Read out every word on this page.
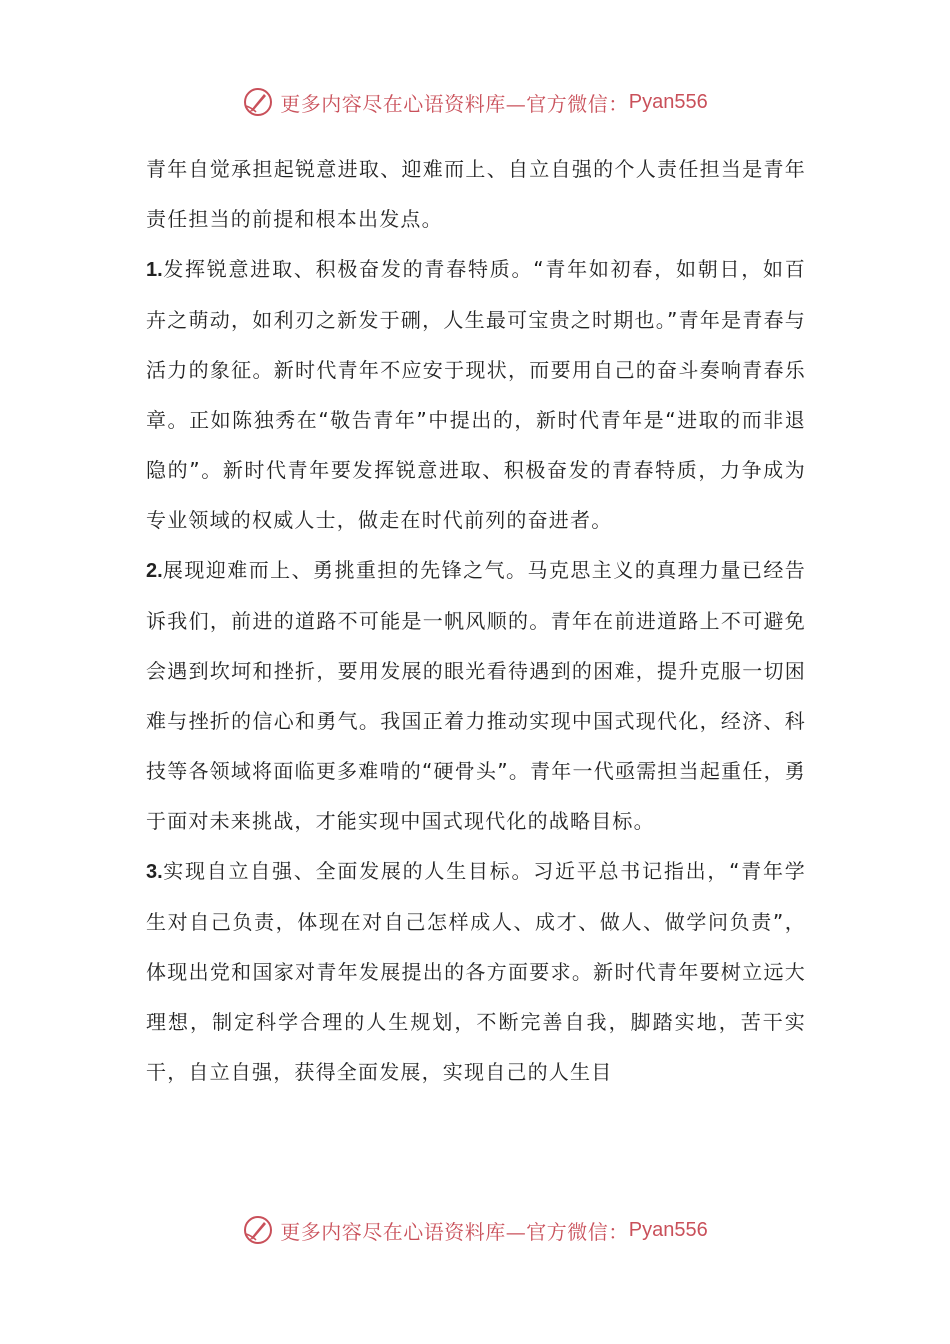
更多内容尽在心语资料库—官方微信： Pyan556

青年自觉承担起锐意进取、迎难而上、自立自强的个人责任担当是青年责任担当的前提和根本出发点。

1.发挥锐意进取、积极奋发的青春特质。“青年如初春，如朝日，如百卉之萌动，如利刃之新发于硎，人生最可宝贵之时期也。”青年是青春与活力的象征。新时代青年不应安于现状，而要用自己的奋斗奏响青春乐章。正如陈独秀在“敬告青年”中提出的，新时代青年是“进取的而非退隐的”。新时代青年要发挥锐意进取、积极奋发的青春特质，力争成为专业领域的权威人士，做走在时代前列的奋进者。

2.展现迎难而上、勇挑重担的先锋之气。马克思主义的真理力量已经告诉我们，前进的道路不可能是一帆风顺的。青年在前进道路上不可避免会遇到坎坷和挫折，要用发展的眼光看待遇到的困难，提升克服一切困难与挫折的信心和勇气。我国正着力推动实现中国式现代化，经济、科技等各领域将面临更多难啃的“硬骨头”。青年一代亟需担当起重任，勇于面对未来挑战，才能实现中国式现代化的战略目标。

3.实现自立自强、全面发展的人生目标。习近平总书记指出，“青年学生对自己负责，体现在对自己怎样成人、成才、做人、做学问负责”，体现出党和国家对青年发展提出的各方面要求。新时代青年要树立远大理想，制定科学合理的人生规划，不断完善自我，脚踏实地，苦干实干，自立自强，获得全面发展，实现自己的人生目

更多内容尽在心语资料库—官方微信： Pyan556
